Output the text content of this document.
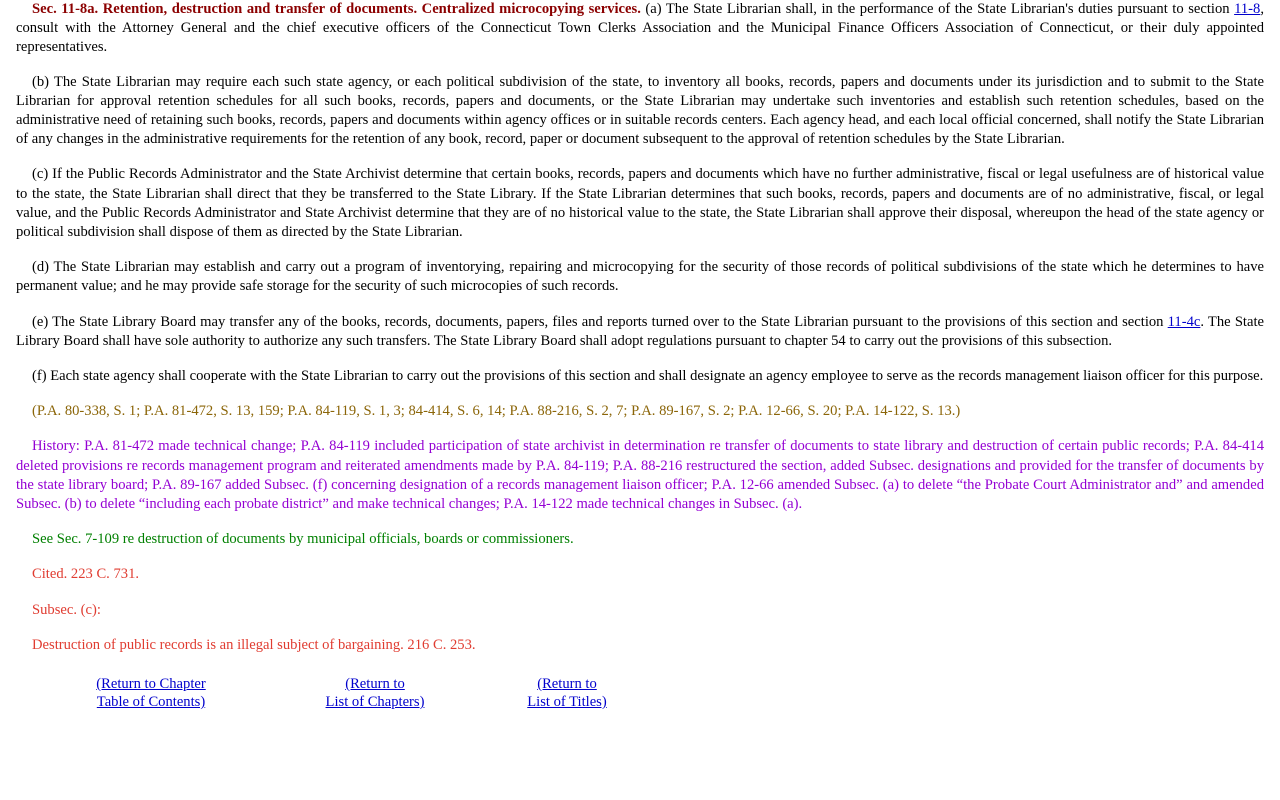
Sec. 11-8a. Retention, destruction and transfer of documents. Centralized microcopying services. (a) The State Librarian shall, in the performance of the State Librarian's duties pursuant to section 11-8, consult with the Attorney General and the chief executive officers of the Connecticut Town Clerks Association and the Municipal Finance Officers Association of Connecticut, or their duly appointed representatives.

(b) The State Librarian may require each such state agency, or each political subdivision of the state, to inventory all books, records, papers and documents under its jurisdiction and to submit to the State Librarian for approval retention schedules for all such books, records, papers and documents, or the State Librarian may undertake such inventories and establish such retention schedules, based on the administrative need of retaining such books, records, papers and documents within agency offices or in suitable records centers. Each agency head, and each local official concerned, shall notify the State Librarian of any changes in the administrative requirements for the retention of any book, record, paper or document subsequent to the approval of retention schedules by the State Librarian.

(c) If the Public Records Administrator and the State Archivist determine that certain books, records, papers and documents which have no further administrative, fiscal or legal usefulness are of historical value to the state, the State Librarian shall direct that they be transferred to the State Library. If the State Librarian determines that such books, records, papers and documents are of no administrative, fiscal, or legal value, and the Public Records Administrator and State Archivist determine that they are of no historical value to the state, the State Librarian shall approve their disposal, whereupon the head of the state agency or political subdivision shall dispose of them as directed by the State Librarian.

(d) The State Librarian may establish and carry out a program of inventorying, repairing and microcopying for the security of those records of political subdivisions of the state which he determines to have permanent value; and he may provide safe storage for the security of such microcopies of such records.

(e) The State Library Board may transfer any of the books, records, documents, papers, files and reports turned over to the State Librarian pursuant to the provisions of this section and section 11-4c. The State Library Board shall have sole authority to authorize any such transfers. The State Library Board shall adopt regulations pursuant to chapter 54 to carry out the provisions of this subsection.

(f) Each state agency shall cooperate with the State Librarian to carry out the provisions of this section and shall designate an agency employee to serve as the records management liaison officer for this purpose.

(P.A. 80-338, S. 1; P.A. 81-472, S. 13, 159; P.A. 84-119, S. 1, 3; 84-414, S. 6, 14; P.A. 88-216, S. 2, 7; P.A. 89-167, S. 2; P.A. 12-66, S. 20; P.A. 14-122, S. 13.)

History: P.A. 81-472 made technical change; P.A. 84-119 included participation of state archivist in determination re transfer of documents to state library and destruction of certain public records; P.A. 84-414 deleted provisions re records management program and reiterated amendments made by P.A. 84-119; P.A. 88-216 restructured the section, added Subsec. designations and provided for the transfer of documents by the state library board; P.A. 89-167 added Subsec. (f) concerning designation of a records management liaison officer; P.A. 12-66 amended Subsec. (a) to delete “the Probate Court Administrator and” and amended Subsec. (b) to delete “including each probate district” and make technical changes; P.A. 14-122 made technical changes in Subsec. (a).

See Sec. 7-109 re destruction of documents by municipal officials, boards or commissioners.

Cited. 223 C. 731.

Subsec. (c):

Destruction of public records is an illegal subject of bargaining. 216 C. 253.

(Return to Chapter
Table of Contents)
(Return to
List of Chapters)
(Return to
List of Titles)
